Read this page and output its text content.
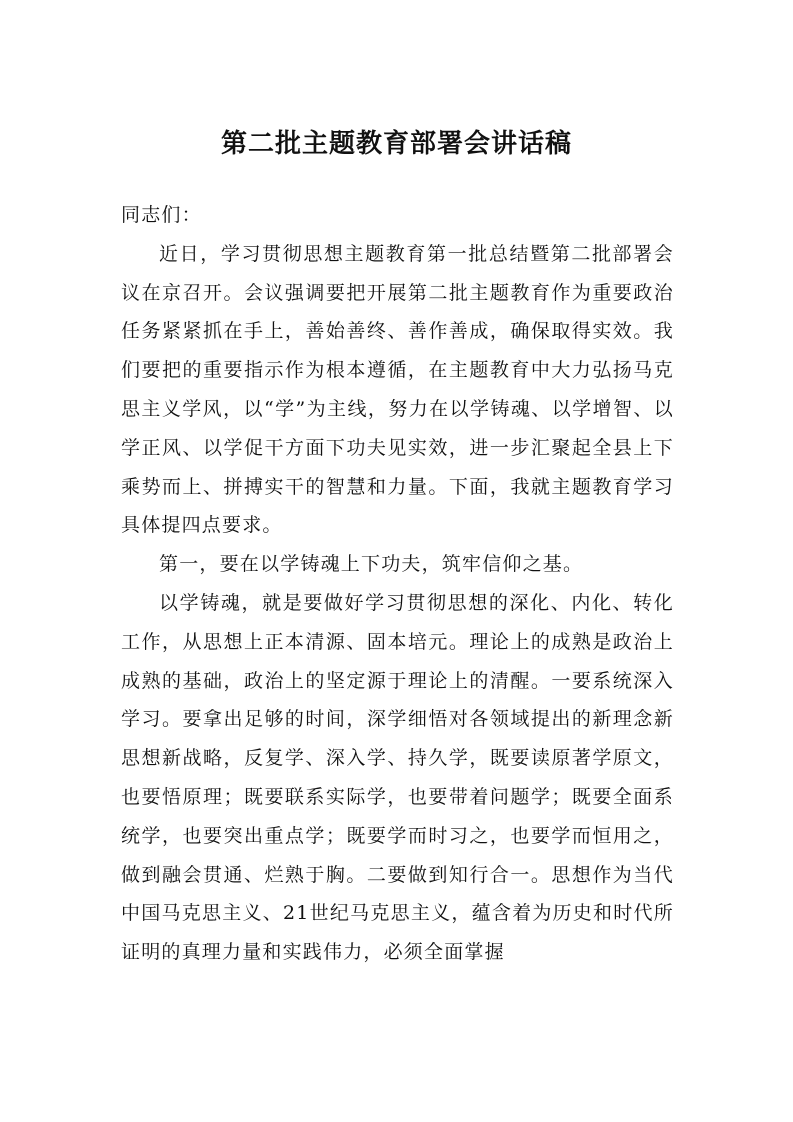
第二批主题教育部署会讲话稿

同志们：

近日，学习贯彻思想主题教育第一批总结暨第二批部署会议在京召开。会议强调要把开展第二批主题教育作为重要政治任务紧紧抓在手上，善始善终、善作善成，确保取得实效。我们要把的重要指示作为根本遵循，在主题教育中大力弘扬马克思主义学风，以“学”为主线，努力在以学铸魂、以学增智、以学正风、以学促干方面下功夫见实效，进一步汇聚起全县上下乘势而上、拼搏实干的智慧和力量。下面，我就主题教育学习具体提四点要求。

第一，要在以学铸魂上下功夫，筑牢信仰之基。

以学铸魂，就是要做好学习贯彻思想的深化、内化、转化工作，从思想上正本清源、固本培元。理论上的成熟是政治上成熟的基础，政治上的坚定源于理论上的清醒。一要系统深入学习。要拿出足够的时间，深学细悟对各领域提出的新理念新思想新战略，反复学、深入学、持久学，既要读原著学原文，也要悟原理；既要联系实际学，也要带着问题学；既要全面系统学，也要突出重点学；既要学而时习之，也要学而恒用之，做到融会贯通、烂熟于胸。二要做到知行合一。思想作为当代中国马克思主义、21世纪马克思主义，蕴含着为历史和时代所证明的真理力量和实践伟力，必须全面掌握
